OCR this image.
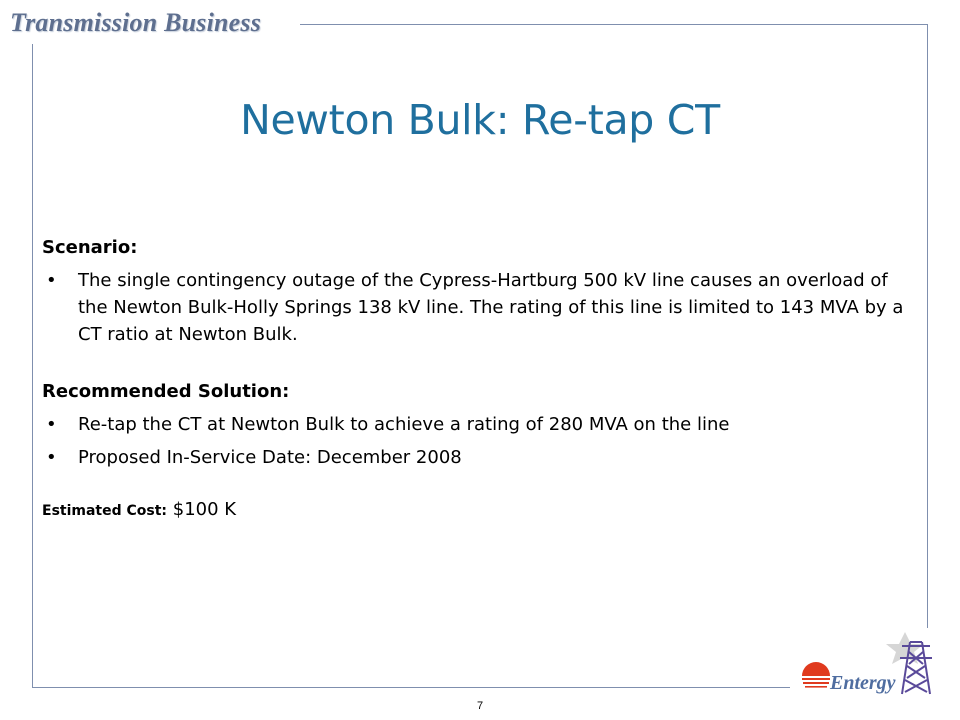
Transmission Business
Newton Bulk: Re-tap CT
Scenario:
• The single contingency outage of the Cypress-Hartburg 500 kV line causes an overload of the Newton Bulk-Holly Springs 138 kV line. The rating of this line is limited to 143 MVA by a CT ratio at Newton Bulk.
Recommended Solution:
• Re-tap the CT at Newton Bulk to achieve a rating of 280 MVA on the line
• Proposed In-Service Date: December 2008
Estimated Cost: $100 K
7
Entergy
